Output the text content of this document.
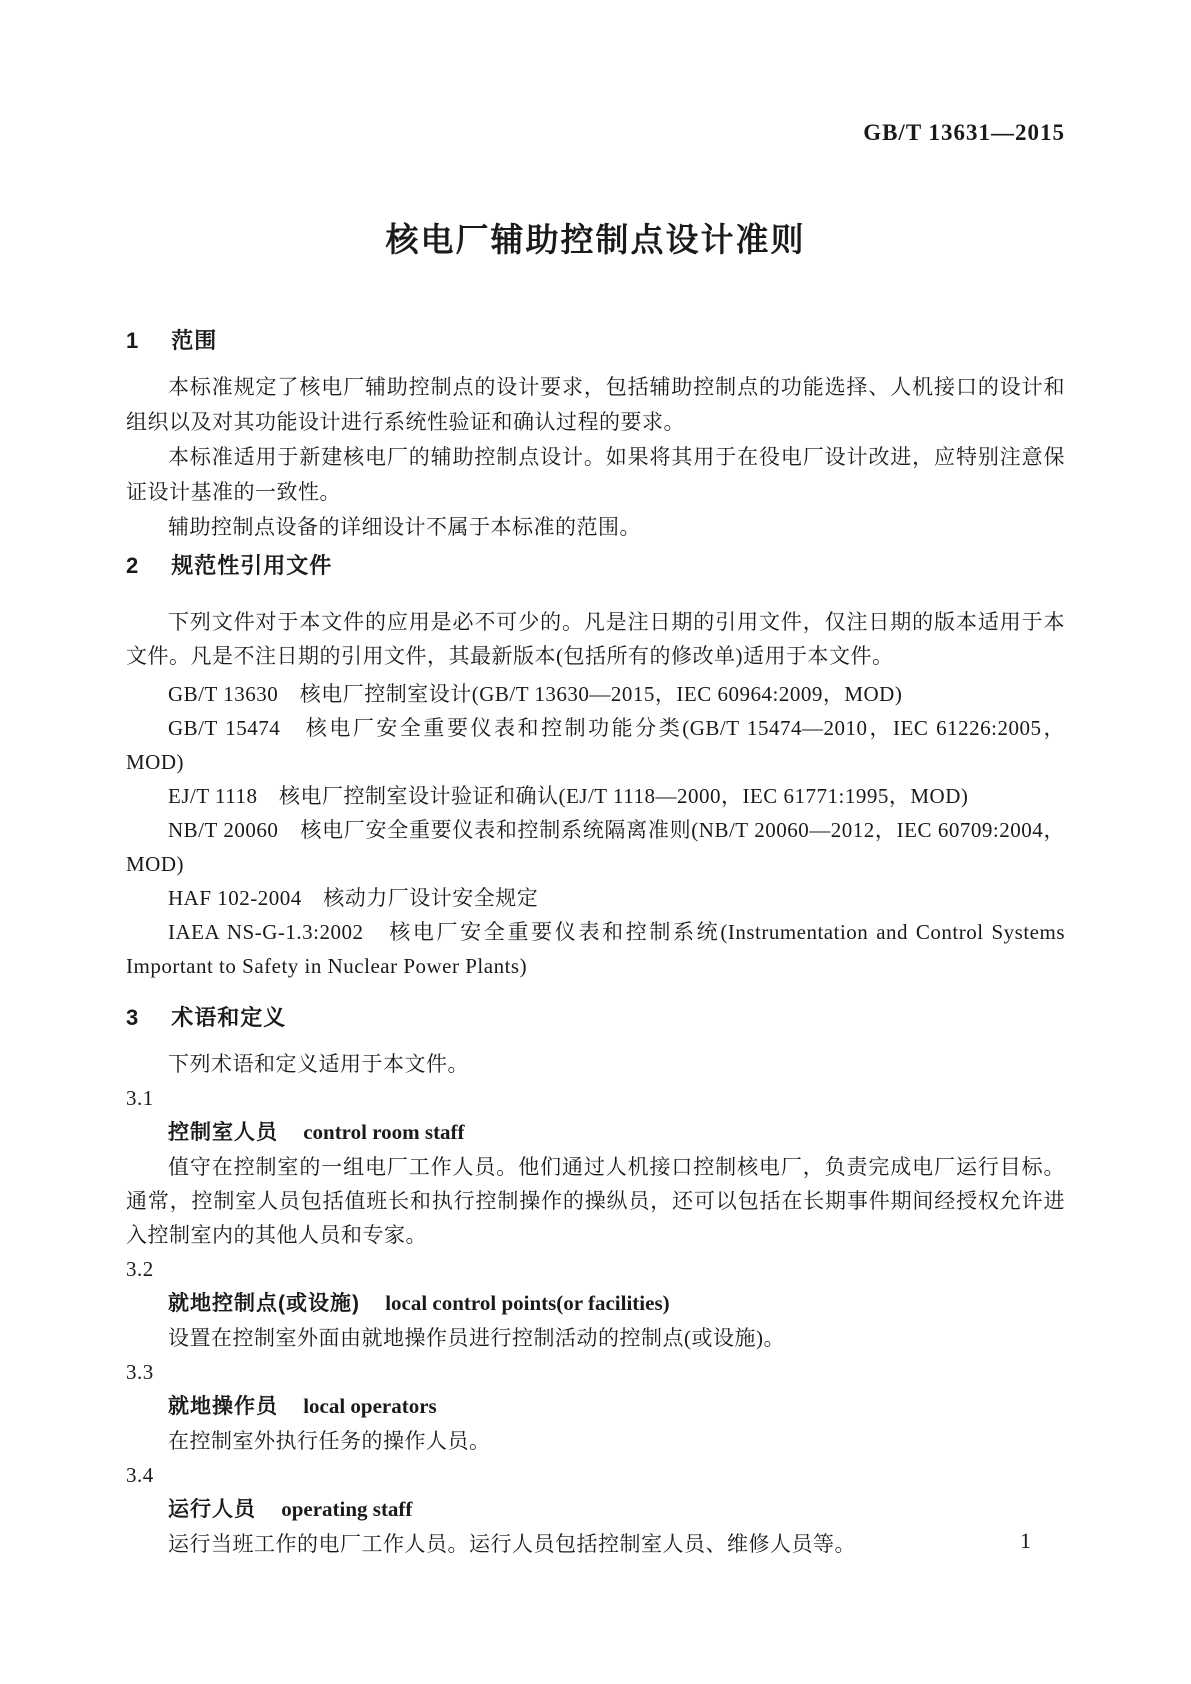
GB/T 13631—2015
核电厂辅助控制点设计准则
1 范围

本标准规定了核电厂辅助控制点的设计要求，包括辅助控制点的功能选择、人机接口的设计和组织以及对其功能设计进行系统性验证和确认过程的要求。

本标准适用于新建核电厂的辅助控制点设计。如果将其用于在役电厂设计改进，应特别注意保证设计基准的一致性。

辅助控制点设备的详细设计不属于本标准的范围。

2 规范性引用文件

下列文件对于本文件的应用是必不可少的。凡是注日期的引用文件，仅注日期的版本适用于本文件。凡是不注日期的引用文件，其最新版本(包括所有的修改单)适用于本文件。

GB/T 13630　核电厂控制室设计(GB/T 13630—2015，IEC 60964:2009，MOD)

GB/T 15474　核电厂安全重要仪表和控制功能分类(GB/T 15474—2010，IEC 61226:2005，MOD)

EJ/T 1118　核电厂控制室设计验证和确认(EJ/T 1118—2000，IEC 61771:1995，MOD)

NB/T 20060　核电厂安全重要仪表和控制系统隔离准则(NB/T 20060—2012，IEC 60709:2004，MOD)

HAF 102-2004　核动力厂设计安全规定

IAEA NS-G-1.3:2002　核电厂安全重要仪表和控制系统(Instrumentation and Control Systems Important to Safety in Nuclear Power Plants)

3 术语和定义

下列术语和定义适用于本文件。

3.1

控制室人员 control room staff

值守在控制室的一组电厂工作人员。他们通过人机接口控制核电厂，负责完成电厂运行目标。通常，控制室人员包括值班长和执行控制操作的操纵员，还可以包括在长期事件期间经授权允许进入控制室内的其他人员和专家。

3.2

就地控制点(或设施) local control points(or facilities)

设置在控制室外面由就地操作员进行控制活动的控制点(或设施)。

3.3

就地操作员 local operators

在控制室外执行任务的操作人员。

3.4

运行人员 operating staff

运行当班工作的电厂工作人员。运行人员包括控制室人员、维修人员等。	1
